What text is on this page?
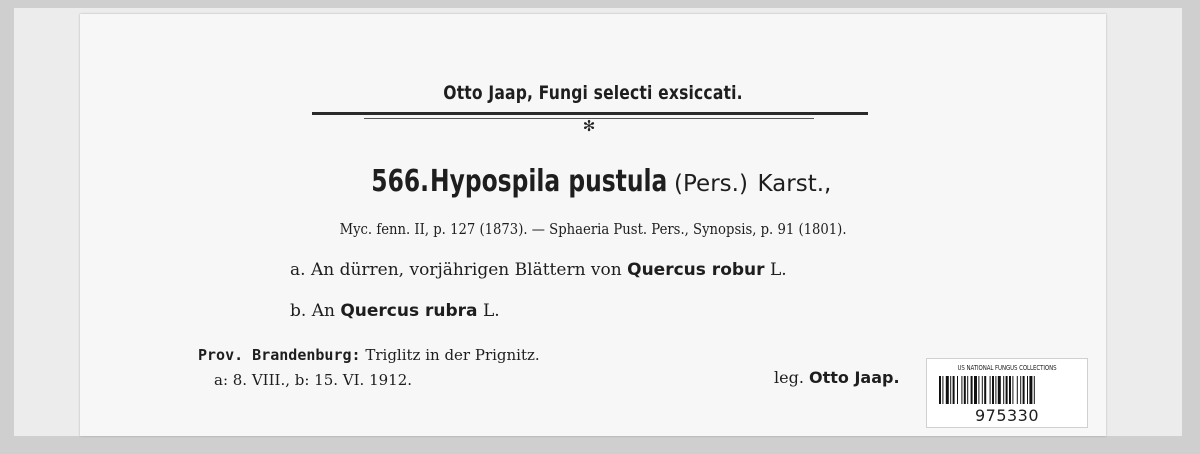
Otto Jaap, Fungi selecti exsiccati.
✻
566. Hypospila pustula (Pers.) Karst.,
Myc. fenn. II, p. 127 (1873). — Sphaeria Pust. Pers., Synopsis, p. 91 (1801).
a. An dürren, vorjährigen Blättern von Quercus robur L.
b. An Quercus rubra L.
Prov. Brandenburg: Triglitz in der Prignitz.
a: 8. VIII., b: 15. VI. 1912.	leg. Otto Jaap.	US NATIONAL FUNGUS COLLECTIONS
975330
